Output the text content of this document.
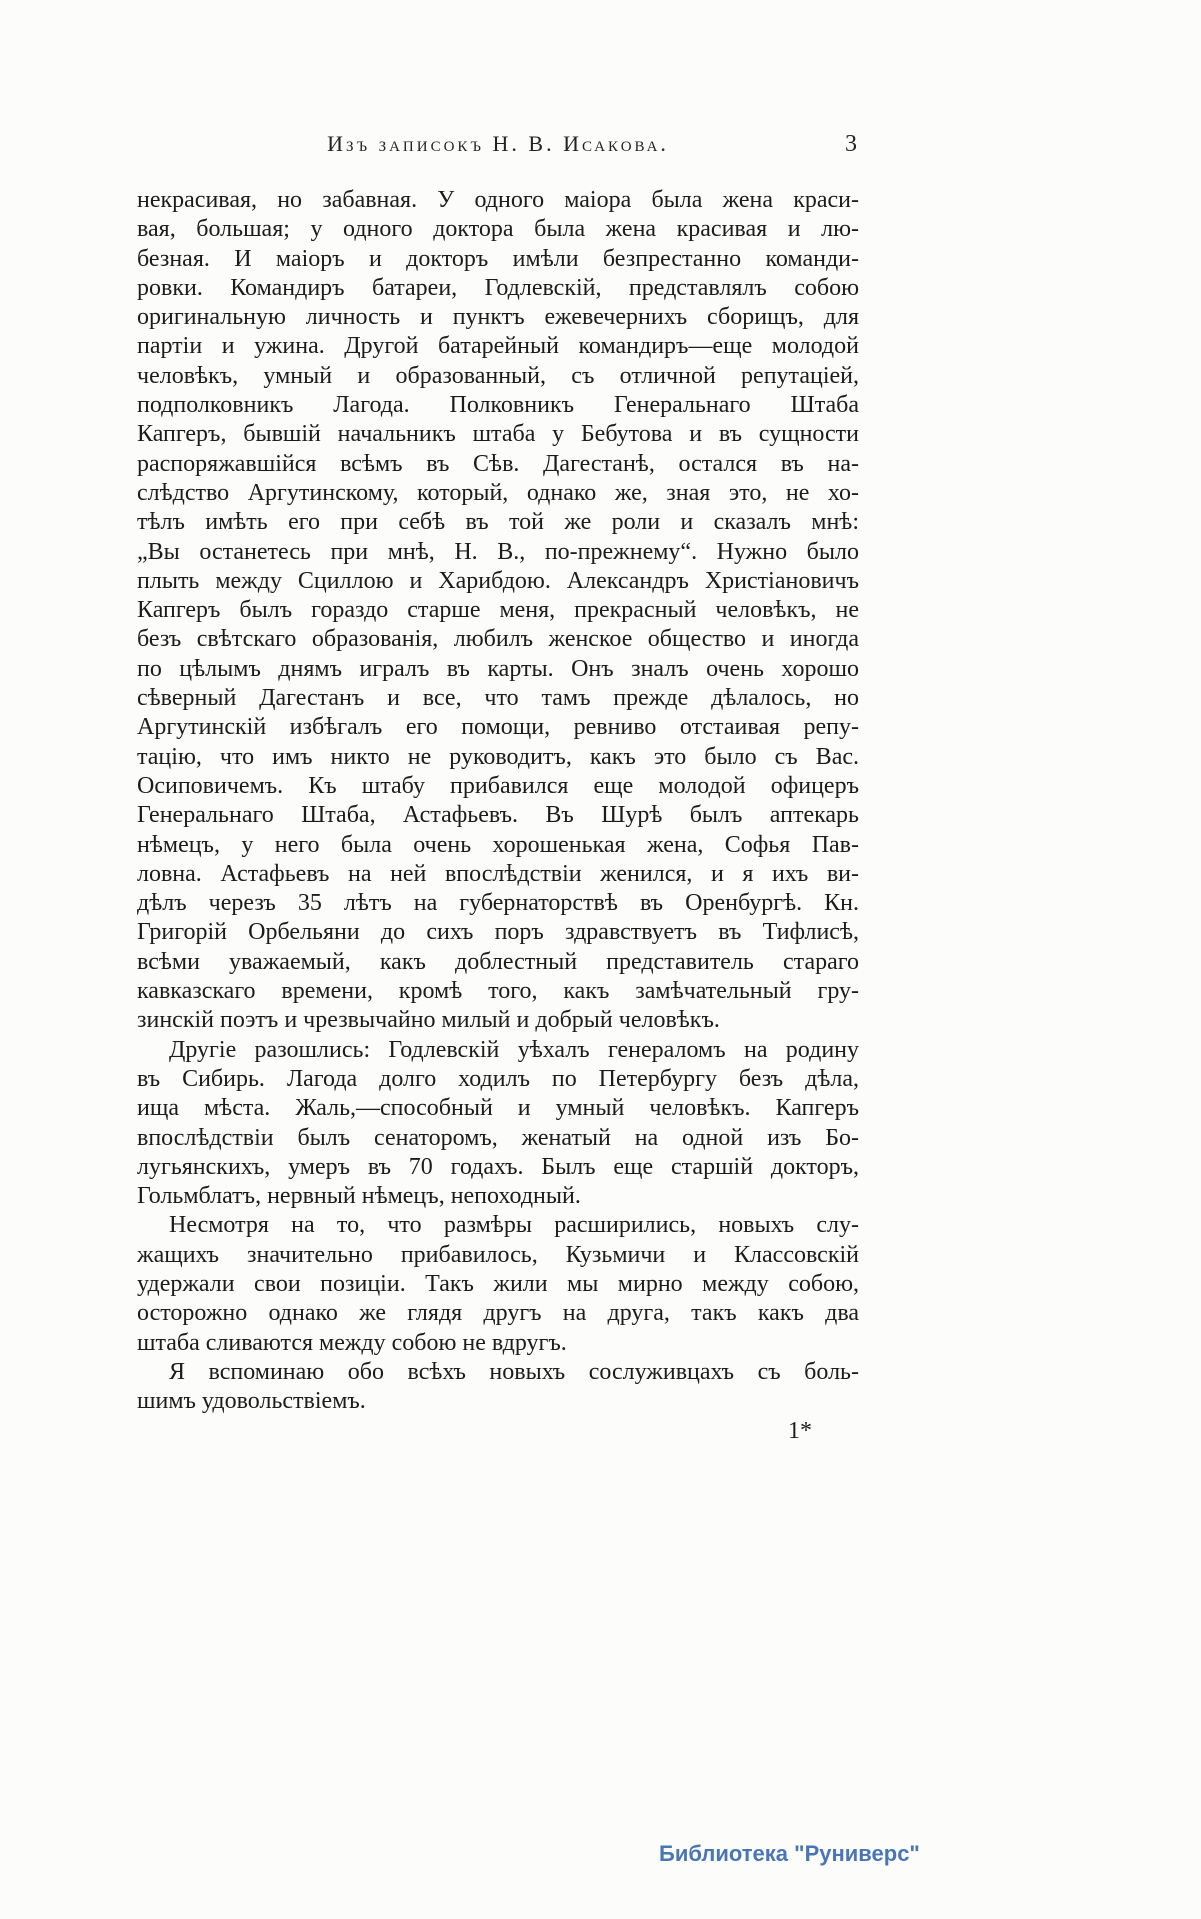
Изъ записокъ Н. В. Исакова.	3
некрасивая, но забавная. У одного маіора была жена краси-
вая, большая; у одного доктора была жена красивая и лю-
безная. И маіоръ и докторъ имѣли безпрестанно команди-
ровки. Командиръ батареи, Годлевскій, представлялъ собою
оригинальную личность и пунктъ ежевечернихъ сборищъ, для
партіи и ужина. Другой батарейный командиръ—еще молодой
человѣкъ, умный и образованный, съ отличной репутаціей,
подполковникъ Лагода. Полковникъ Генеральнаго Штаба
Капгеръ, бывшій начальникъ штаба у Бебутова и въ сущности
распоряжавшійся всѣмъ въ Сѣв. Дагестанѣ, остался въ на-
слѣдство Аргутинскому, который, однако же, зная это, не хо-
тѣлъ имѣть его при себѣ въ той же роли и сказалъ мнѣ:
„Вы останетесь при мнѣ, Н. В., по-прежнему“. Нужно было
плыть между Сциллою и Харибдою. Александръ Христіановичъ
Капгеръ былъ гораздо старше меня, прекрасный человѣкъ, не
безъ свѣтскаго образованія, любилъ женское общество и иногда
по цѣлымъ днямъ игралъ въ карты. Онъ зналъ очень хорошо
сѣверный Дагестанъ и все, что тамъ прежде дѣлалось, но
Аргутинскій избѣгалъ его помощи, ревниво отстаивая репу-
тацію, что имъ никто не руководитъ, какъ это было съ Вас.
Осиповичемъ. Къ штабу прибавился еще молодой офицеръ
Генеральнаго Штаба, Астафьевъ. Въ Шурѣ былъ аптекарь
нѣмецъ, у него была очень хорошенькая жена, Софья Пав-
ловна. Астафьевъ на ней впослѣдствіи женился, и я ихъ ви-
дѣлъ черезъ 35 лѣтъ на губернаторствѣ въ Оренбургѣ. Кн.
Григорій Орбельяни до сихъ поръ здравствуетъ въ Тифлисѣ,
всѣми уважаемый, какъ доблестный представитель стараго
кавказскаго времени, кромѣ того, какъ замѣчательный гру-
зинскій поэтъ и чрезвычайно милый и добрый человѣкъ.
Другіе разошлись: Годлевскій уѣхалъ генераломъ на родину
въ Сибирь. Лагода долго ходилъ по Петербургу безъ дѣла,
ища мѣста. Жаль,—способный и умный человѣкъ. Капгеръ
впослѣдствіи былъ сенаторомъ, женатый на одной изъ Бо-
лугьянскихъ, умеръ въ 70 годахъ. Былъ еще старшій докторъ,
Гольмблатъ, нервный нѣмецъ, непоходный.
Несмотря на то, что размѣры расширились, новыхъ слу-
жащихъ значительно прибавилось, Кузьмичи и Классовскій
удержали свои позиціи. Такъ жили мы мирно между собою,
осторожно однако же глядя другъ на друга, такъ какъ два
штаба сливаются между собою не вдругъ.
Я вспоминаю обо всѣхъ новыхъ сослуживцахъ съ боль-
шимъ удовольствіемъ.
1*
Библиотека "Руниверс"
